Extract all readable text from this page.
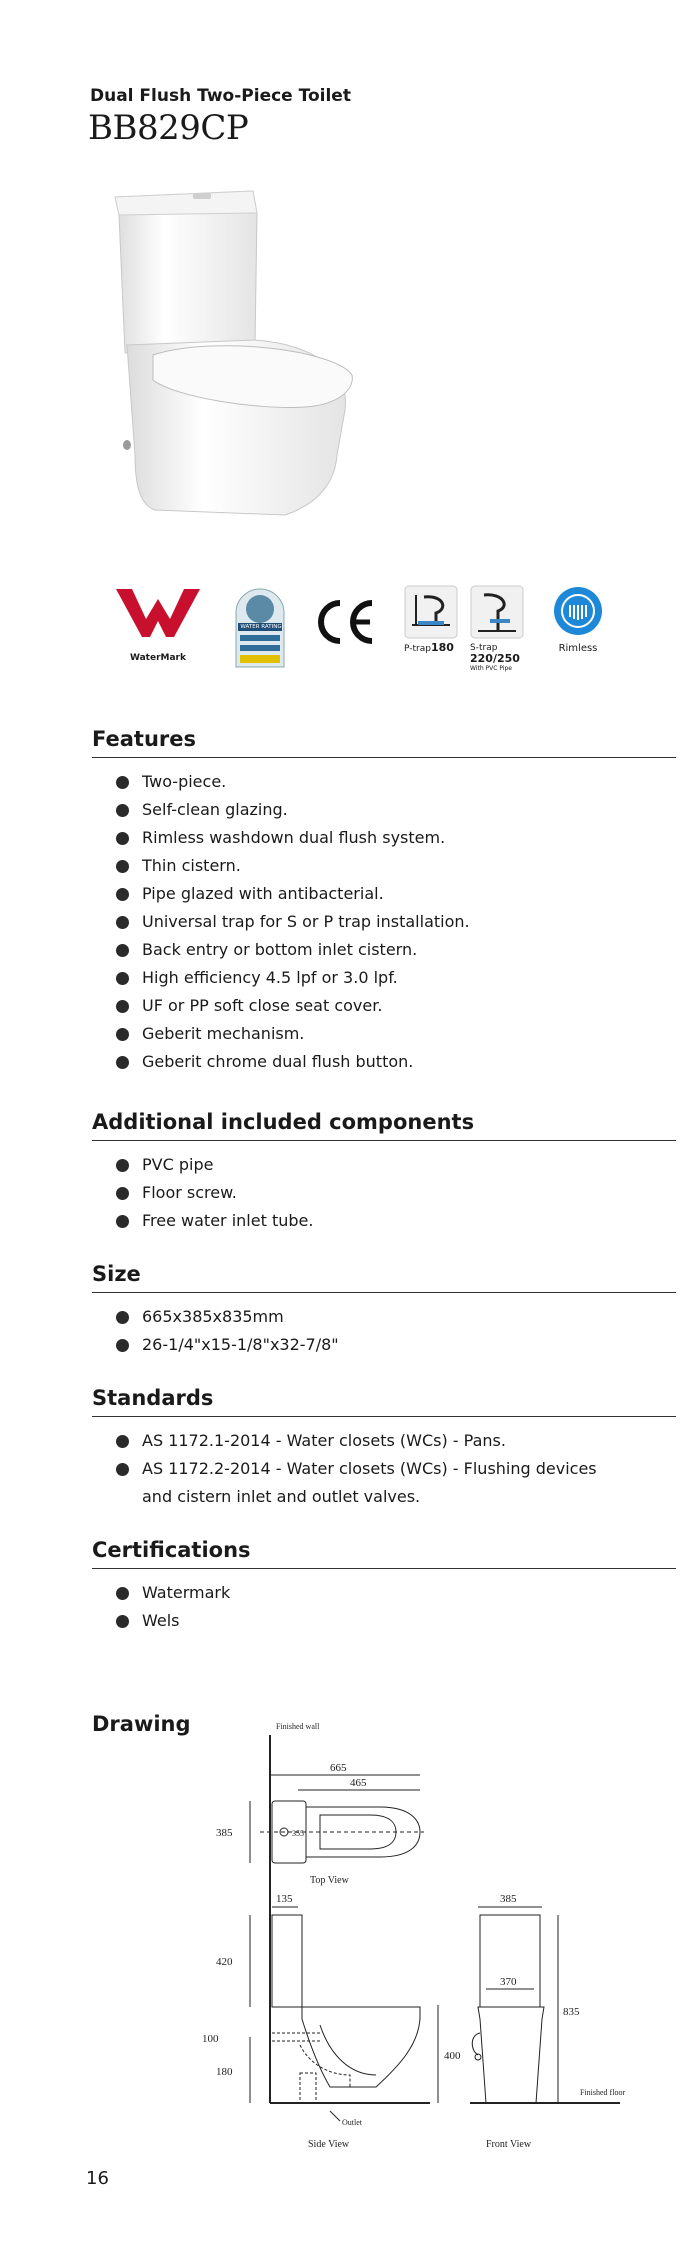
Dual Flush Two-Piece Toilet
BB829CP
WaterMark
WATER RATING
P-trap180	S-trap
220/250
With PVC Pipe
Rimless
Features
Two-piece.
Self-clean glazing.
Rimless washdown dual flush system.
Thin cistern.
Pipe glazed with antibacterial.
Universal trap for S or P trap installation.
Back entry or bottom inlet cistern.
High efficiency 4.5 lpf or 3.0 lpf.
UF or PP soft close seat cover.
Geberit mechanism.
Geberit chrome dual flush button.
Additional included components
PVC pipe
Floor screw.
Free water inlet tube.
Size
665x385x835mm
26-1/4"x15-1/8"x32-7/8"
Standards
AS 1172.1-2014 - Water closets (WCs) - Pans.
AS 1172.2-2014 - Water closets (WCs) - Flushing devices
and cistern inlet and outlet valves.
Certifications
Watermark
Wels
Drawing	Finished wall
665
465
385	355
Top View
135
420
400
100
180
Outlet
Side View
385
370
835
Finished floor
Front View
16
